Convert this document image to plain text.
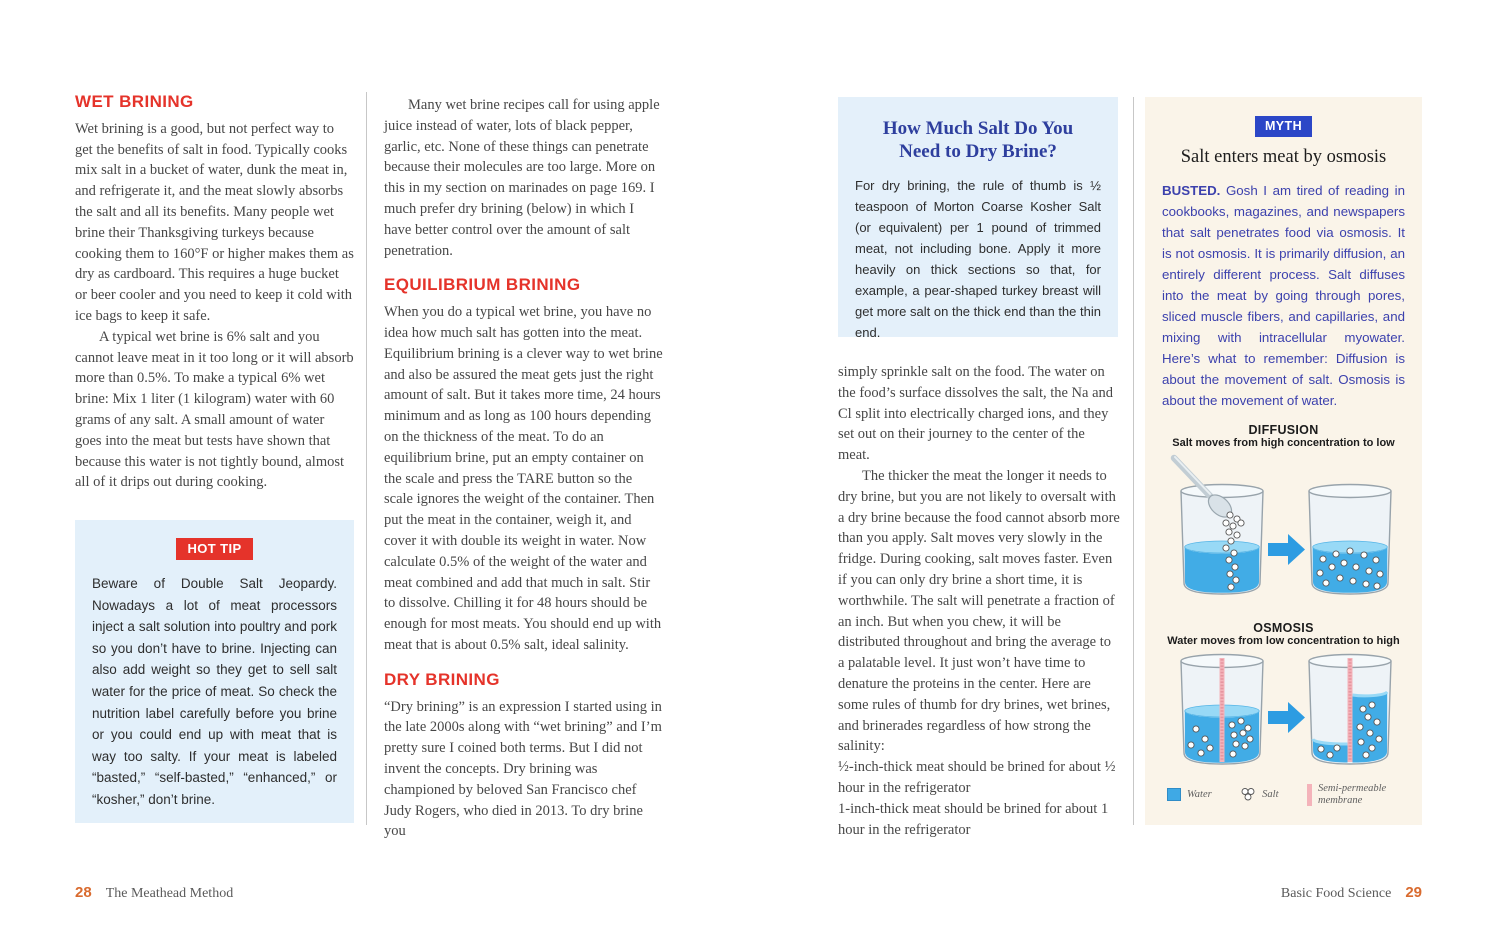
WET BRINING

Wet brining is a good, but not perfect way to get the benefits of salt in food. Typically cooks mix salt in a bucket of water, dunk the meat in, and refrigerate it, and the meat slowly absorbs the salt and all its benefits. Many people wet brine their Thanksgiving turkeys because cooking them to 160°F or higher makes them as dry as cardboard. This requires a huge bucket or beer cooler and you need to keep it cold with ice bags to keep it safe.

A typical wet brine is 6% salt and you cannot leave meat in it too long or it will absorb more than 0.5%. To make a typical 6% wet brine: Mix 1 liter (1 kilogram) water with 60 grams of any salt. A small amount of water goes into the meat but tests have shown that because this water is not tightly bound, almost all of it drips out during cooking.

HOT TIP

Beware of Double Salt Jeopardy. Nowadays a lot of meat processors inject a salt solution into poultry and pork so you don’t have to brine. Injecting can also add weight so they get to sell salt water for the price of meat. So check the nutrition label carefully before you brine or you could end up with meat that is way too salty. If your meat is labeled “basted,” “self-basted,” “enhanced,” or “kosher,” don’t brine.

Many wet brine recipes call for using apple juice instead of water, lots of black pepper, garlic, etc. None of these things can penetrate because their molecules are too large. More on this in my section on marinades on page 169. I much prefer dry brining (below) in which I have better control over the amount of salt penetration.

EQUILIBRIUM BRINING

When you do a typical wet brine, you have no idea how much salt has gotten into the meat. Equilibrium brining is a clever way to wet brine and also be assured the meat gets just the right amount of salt. But it takes more time, 24 hours minimum and as long as 100 hours depending on the thickness of the meat. To do an equilibrium brine, put an empty container on the scale and press the TARE button so the scale ignores the weight of the container. Then put the meat in the container, weigh it, and cover it with double its weight in water. Now calculate 0.5% of the weight of the water and meat combined and add that much in salt. Stir to dissolve. Chilling it for 48 hours should be enough for most meats. You should end up with meat that is about 0.5% salt, ideal salinity.

DRY BRINING

“Dry brining” is an expression I started using in the late 2000s along with “wet brining” and I’m pretty sure I coined both terms. But I did not invent the concepts. Dry brining was championed by beloved San Francisco chef Judy Rogers, who died in 2013. To dry brine you

28 The Meathead Method
How Much Salt Do You Need to Dry Brine?

For dry brining, the rule of thumb is ½ teaspoon of Morton Coarse Kosher Salt (or equivalent) per 1 pound of trimmed meat, not including bone. Apply it more heavily on thick sections so that, for example, a pear-shaped turkey breast will get more salt on the thick end than the thin end.

simply sprinkle salt on the food. The water on the food’s surface dissolves the salt, the Na and Cl split into electrically charged ions, and they set out on their journey to the center of the meat.

The thicker the meat the longer it needs to dry brine, but you are not likely to oversalt with a dry brine because the food cannot absorb more than you apply. Salt moves very slowly in the fridge. During cooking, salt moves faster. Even if you can only dry brine a short time, it is worthwhile. The salt will penetrate a fraction of an inch. But when you chew, it will be distributed throughout and bring the average to a palatable level. It just won’t have time to denature the proteins in the center. Here are some rules of thumb for dry brines, wet brines, and brinerades regardless of how strong the salinity:

½-inch-thick meat should be brined for about ½ hour in the refrigerator

1-inch-thick meat should be brined for about 1 hour in the refrigerator

MYTH
Salt enters meat by osmosis

BUSTED. Gosh I am tired of reading in cookbooks, magazines, and newspapers that salt penetrates food via osmosis. It is not osmosis. It is primarily diffusion, an entirely different process. Salt diffuses into the meat by going through pores, sliced muscle fibers, and capillaries, and mixing with intracellular myowater. Here’s what to remember: Diffusion is about the movement of salt. Osmosis is about the movement of water.

DIFFUSION
Salt moves from high concentration to low
OSMOSIS
Water moves from low concentration to high
Water	Salt
Semi-permeable membrane
Basic Food Science 29
